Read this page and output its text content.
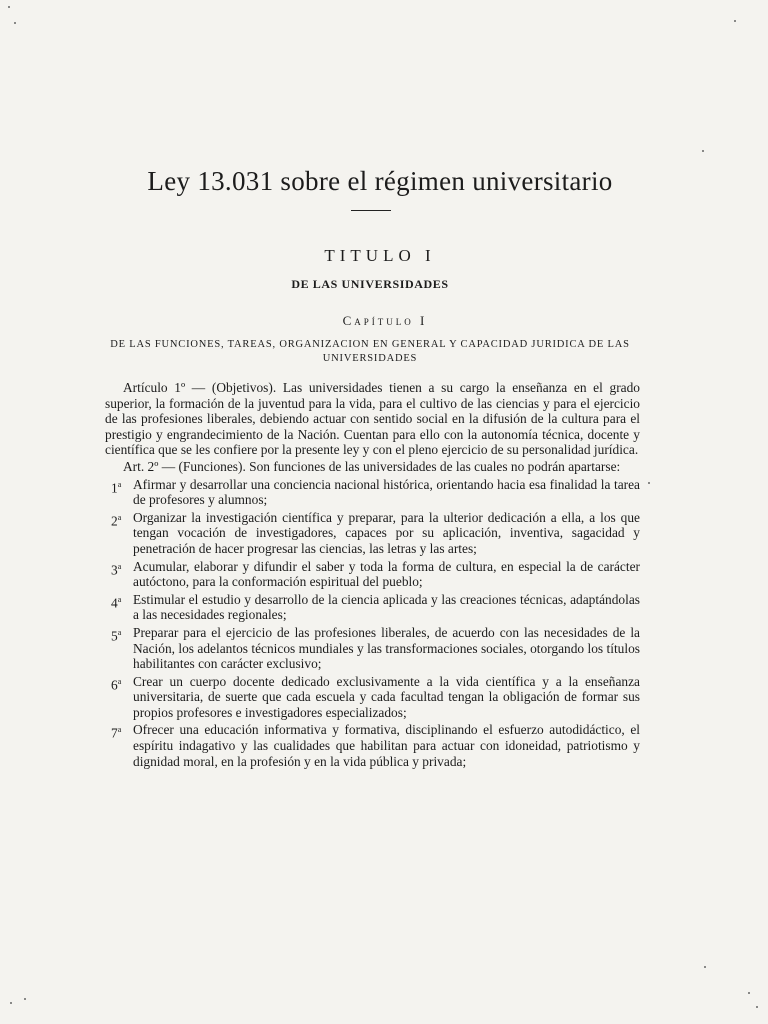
Ley 13.031 sobre el régimen universitario
TITULO I
DE LAS UNIVERSIDADES
Capítulo I
DE LAS FUNCIONES, TAREAS, ORGANIZACION EN GENERAL Y CAPACIDAD JURIDICA DE LAS UNIVERSIDADES

Artículo 1º — (Objetivos). Las universidades tienen a su cargo la enseñanza en el grado superior, la formación de la juventud para la vida, para el cultivo de las ciencias y para el ejercicio de las profesiones liberales, debiendo actuar con sentido social en la difusión de la cultura para el prestigio y engrandecimiento de la Nación. Cuentan para ello con la autonomía técnica, docente y científica que se les confiere por la presente ley y con el pleno ejercicio de su personalidad jurídica.

Art. 2º — (Funciones). Son funciones de las universidades de las cuales no podrán apartarse:

1$^a$ Afirmar y desarrollar una conciencia nacional histórica, orientando hacia esa finalidad la tarea de profesores y alumnos;
2$^a$ Organizar la investigación científica y preparar, para la ulterior dedicación a ella, a los que tengan vocación de investigadores, capaces por su aplicación, inventiva, sagacidad y penetración de hacer progresar las ciencias, las letras y las artes;
3$^a$ Acumular, elaborar y difundir el saber y toda la forma de cultura, en especial la de carácter autóctono, para la conformación espiritual del pueblo;
4$^a$ Estimular el estudio y desarrollo de la ciencia aplicada y las creaciones técnicas, adaptándolas a las necesidades regionales;
5$^a$ Preparar para el ejercicio de las profesiones liberales, de acuerdo con las necesidades de la Nación, los adelantos técnicos mundiales y las transformaciones sociales, otorgando los títulos habilitantes con carácter exclusivo;
6$^a$ Crear un cuerpo docente dedicado exclusivamente a la vida científica y a la enseñanza universitaria, de suerte que cada escuela y cada facultad tengan la obligación de formar sus propios profesores e investigadores especializados;
7$^a$ Ofrecer una educación informativa y formativa, disciplinando el esfuerzo autodidáctico, el espíritu indagativo y las cualidades que habilitan para actuar con idoneidad, patriotismo y dignidad moral, en la profesión y en la vida pública y privada;
